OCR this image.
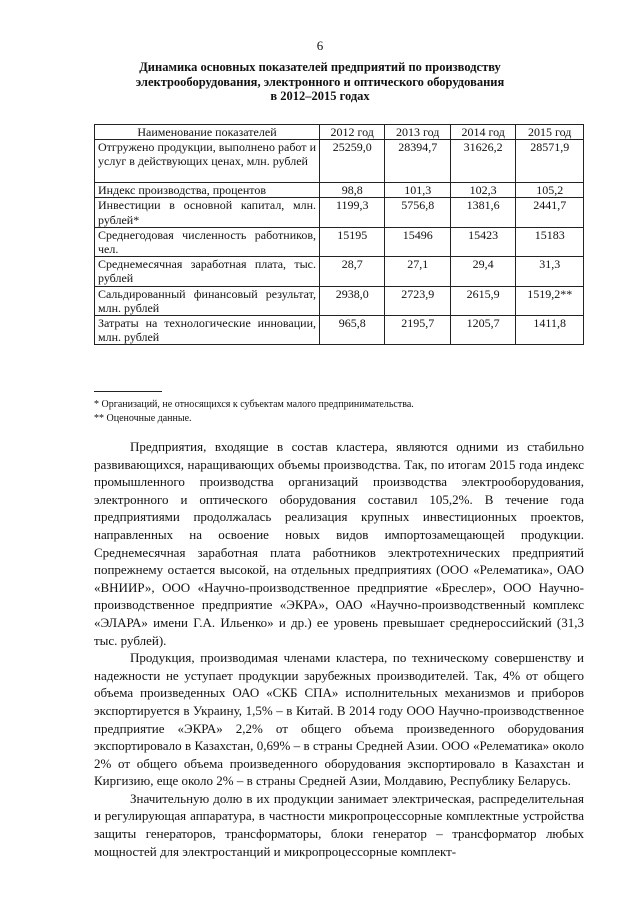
6
Динамика основных показателей предприятий по производству
электрооборудования, электронного и оптического оборудования
в 2012–2015 годах
Наименование показателей	2012 год	2013 год	2014 год	2015 год
Отгружено продукции, выполнено работ и услуг в действующих ценах, млн. рублей	25259,0	28394,7	31626,2	28571,9
Индекс производства, процентов	98,8	101,3	102,3	105,2
Инвестиции в основной капитал, млн. рублей*	1199,3	5756,8	1381,6	2441,7
Среднегодовая численность работников, чел.	15195	15496	15423	15183
Среднемесячная заработная плата, тыс. рублей	28,7	27,1	29,4	31,3
Сальдированный финансовый результат, млн. рублей	2938,0	2723,9	2615,9	1519,2**
Затраты на технологические инновации, млн. рублей	965,8	2195,7	1205,7	1411,8
* Организаций, не относящихся к субъектам малого предпринимательства.
** Оценочные данные.

Предприятия, входящие в состав кластера, являются одними из стабильно развивающихся, наращивающих объемы производства. Так, по итогам 2015 года индекс промышленного производства организаций производства электрооборудования, электронного и оптического оборудования составил 105,2%. В течение года предприятиями продолжалась реализация крупных инвестиционных проектов, направленных на освоение новых видов импортозамещающей продукции. Среднемесячная заработная плата работников электротехнических предприятий попрежнему остается высокой, на отдельных предприятиях (ООО «Релематика», ОАО «ВНИИР», ООО «Научно-производственное предприятие «Бреслер», ООО Научно-производственное предприятие «ЭКРА», ОАО «Научно-производственный комплекс «ЭЛАРА» имени Г.А. Ильенко» и др.) ее уровень превышает среднероссийский (31,3 тыс. рублей).

Продукция, производимая членами кластера, по техническому совершенству и надежности не уступает продукции зарубежных производителей. Так, 4% от общего объема произведенных ОАО «СКБ СПА» исполнительных механизмов и приборов экспортируется в Украину, 1,5% – в Китай. В 2014 году ООО Научно-производственное предприятие «ЭКРА» 2,2% от общего объема произведенного оборудования экспортировало в Казахстан, 0,69% – в страны Средней Азии. ООО «Релематика» около 2% от общего объема произведенного оборудования экспортировало в Казахстан и Киргизию, еще около 2% – в страны Средней Азии, Молдавию, Республику Беларусь.

Значительную долю в их продукции занимает электрическая, распределительная и регулирующая аппаратура, в частности микропроцессорные комплектные устройства защиты генераторов, трансформаторы, блоки генератор – трансформатор любых мощностей для электростанций и микропроцессорные комплект-
